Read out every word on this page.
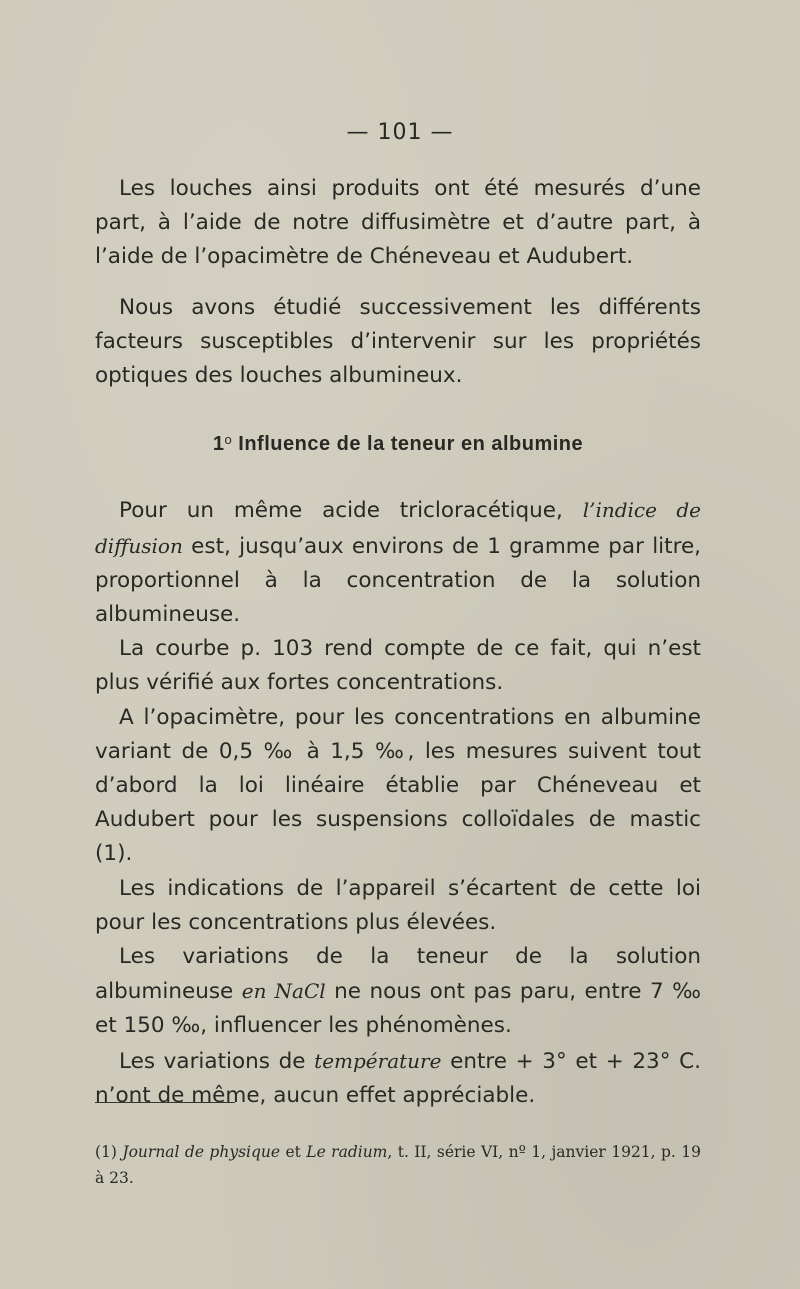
— 101 —

Les louches ainsi produits ont été mesurés d’une part, à l’aide de notre diffusimètre et d’autre part, à l’aide de l’opacimètre de Chéneveau et Audubert.

Nous avons étudié successivement les différents facteurs susceptibles d’intervenir sur les propriétés optiques des louches albumineux.

1$^o$ Influence de la teneur en albumine

Pour un même acide tricloracétique, l’indice de diffusion est, jusqu’aux environs de 1 gramme par litre, proportionnel à la concentration de la solution albumineuse.

La courbe p. 103 rend compte de ce fait, qui n’est plus vérifié aux fortes concentrations.

A l’opacimètre, pour les concentrations en albumine variant de 0,5 ‰ à 1,5 ‰, les mesures suivent tout d’abord la loi linéaire établie par Chéneveau et Audubert pour les suspensions colloïdales de mastic (1).

Les indications de l’appareil s’écartent de cette loi pour les concentrations plus élevées.

Les variations de la teneur de la solution albumineuse en NaCl ne nous ont pas paru, entre 7 ‰ et 150 ‰, influencer les phénomènes.

Les variations de température entre + 3° et + 23° C. n’ont de même, aucun effet appréciable.

(1) Journal de physique et Le radium, t. II, série VI, nº 1, janvier 1921, p. 19 à 23.
